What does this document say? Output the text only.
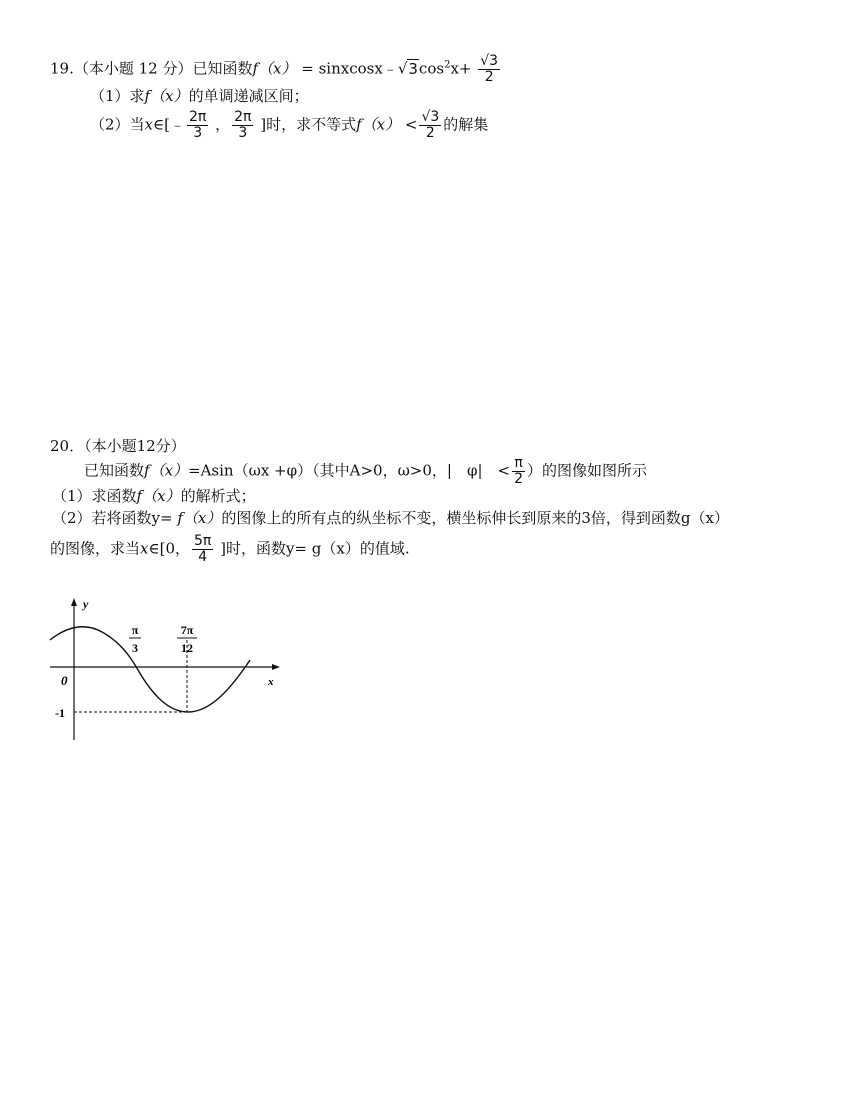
19.（本小题 12 分）已知函数$f(x) = sinxcosx﹣√3\cos^2x+ \frac{√3}{2}$
（1）求f（x）的单调递减区间；
（2）当x∈[﹣ $\frac{2\pi}{3}$ ， $\frac{2\pi}{3}$ ]时，求不等式$f(x) < \frac{√3}{2}$ 的解集
20．（本小题12分）
已知函数f（x）=Asin（ωx +φ）（其中A>0，ω>0，|　φ|　< $\frac{\pi}{2}$ ）的图像如图所示
（1）求函数f（x）的解析式；
（2）若将函数y= f（x）的图像上的所有点的纵坐标不变，横坐标伸长到原来的3倍，得到函数g（x）
的图像，求当x∈[0， $\frac{5\pi}{4}$ ]时，函数y= g（x）的值域.
y
x
0
-1
π
3
7π
12
